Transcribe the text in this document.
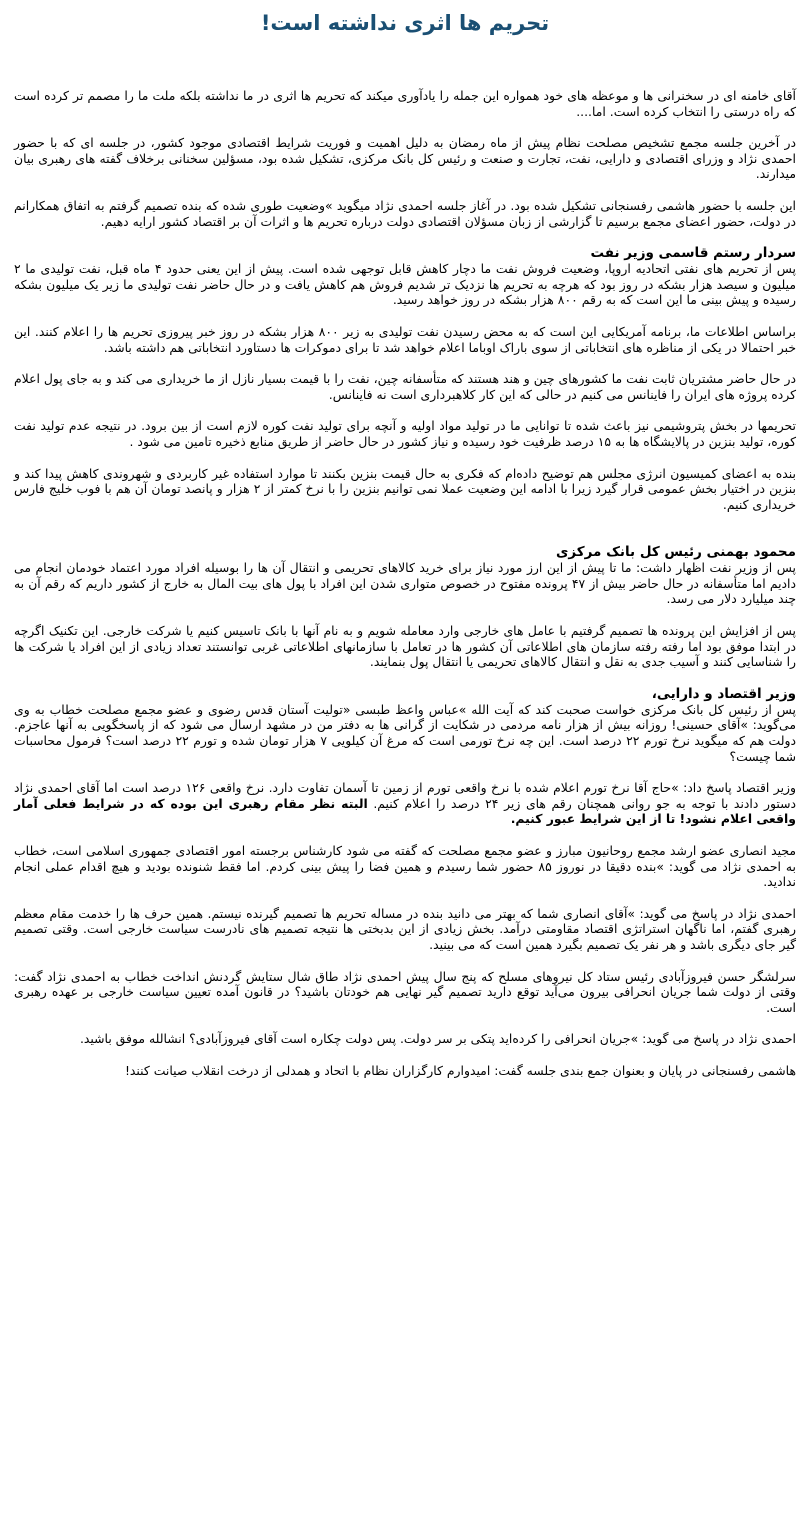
تحریم ها اثری نداشته است!

آقای خامنه ای در سخنرانی ها و موعظه های خود همواره این جمله را یادآوری میکند که تحریم ها اثری در ما نداشته بلکه ملت ما را مصمم تر کرده است که راه درستی را انتخاب کرده است. اما....

در آخرین جلسه مجمع تشخیص مصلحت نظام پیش از ماه رمضان به دلیل اهمیت و فوریت شرایط اقتصادی موجود کشور، در جلسه ای که با حضور احمدی نژاد و وزرای اقتصادی و دارایی، نفت، تجارت و صنعت و رئیس کل بانک مرکزی، تشکیل شده بود، مسؤلین سخنانی برخلاف گفته های رهبری بیان میدارند.

این جلسه با حضور هاشمی رفسنجانی تشکیل شده بود. در آغاز جلسه احمدی نژاد میگوید »وضعیت طوری شده که بنده تصمیم گرفتم به اتفاق همکارانم در دولت، حضور اعضای مجمع برسیم تا گزارشی از زبان مسؤلان اقتصادی دولت درباره تحریم ها و اثرات آن بر اقتصاد کشور ارایه دهیم.

سردار رستم قاسمی وزیر نفت

پس از تحریم های نفتی اتحادیه اروپا، وضعیت فروش نفت ما دچار کاهش قابل توجهی شده است. پیش از این یعنی حدود ۴ ماه قبل، نفت تولیدی ما ۲ میلیون و سیصد هزار بشکه در روز بود که هرچه به تحریم ها نزدیک تر شدیم فروش هم کاهش یافت و در حال حاضر نفت تولیدی ما زیر یک میلیون بشکه رسیده و پیش بینی ما این است که به رقم ۸۰۰ هزار بشکه در روز خواهد رسید.

براساس اطلاعات ما، برنامه آمریکایی این است که به محض رسیدن نفت تولیدی به زیر ۸۰۰ هزار بشکه در روز خبر پیروزی تحریم ها را اعلام کنند. این خبر احتمالا در یکی از مناظره های انتخاباتی از سوی باراک اوباما اعلام خواهد شد تا برای دموکرات ها دستاورد انتخاباتی هم داشته باشد.

در حال حاضر مشتریان ثابت نفت ما کشورهای چین و هند هستند که متأسفانه چین، نفت را با قیمت بسیار نازل از ما خریداری می کند و به جای پول اعلام کرده پروژه های ایران را فاینانس می کنیم در حالی که این کار کلاهبرداری است نه فاینانس.

تحریمها در بخش پتروشیمی نیز باعث شده تا توانایی ما در تولید مواد اولیه و آنچه برای تولید نفت کوره لازم است از بین برود. در نتیجه عدم تولید نفت کوره، تولید بنزین در پالایشگاه ها به ۱۵ درصد ظرفیت خود رسیده و نیاز کشور در حال حاضر از طریق منابع ذخیره تامین می شود .

بنده به اعضای کمیسیون انرژی مجلس هم توضیح داده‌ام که فکری به حال قیمت بنزین بکنند تا موارد استفاده غیر کاربردی و شهروندی کاهش پیدا کند و بنزین در اختیار بخش عمومی قرار گیرد زیرا با ادامه این وضعیت عملا نمی توانیم بنزین را با نرخ کمتر از ۲ هزار و پانصد تومان آن هم با فوب خلیج فارس خریداری کنیم.

محمود بهمنی رئیس کل بانک مرکزی

پس از وزیر نفت اظهار داشت: ما تا پیش از این ارز مورد نیاز برای خرید کالاهای تحریمی و انتقال آن ها را بوسیله افراد مورد اعتماد خودمان انجام می دادیم اما متأسفانه در حال حاضر بیش از ۴۷ پرونده مفتوح در خصوص متواری شدن این افراد با پول های بیت المال به خارج از کشور داریم که رقم آن به چند میلیارد دلار می رسد.

پس از افزایش این پرونده ها تصمیم گرفتیم با عامل های خارجی وارد معامله شویم و به نام آنها با بانک تاسیس کنیم یا شرکت خارجی. این تکنیک اگرچه در ابتدا موفق بود اما رفته رفته سازمان های اطلاعاتی آن کشور ها در تعامل با سازمانهای اطلاعاتی غربی توانستند تعداد زیادی از این افراد یا شرکت ها را شناسایی کنند و آسیب جدی به نقل و انتقال کالاهای تحریمی یا انتقال پول بنمایند.

وزیر اقتصاد و دارایی،

پس از رئیس کل بانک مرکزی خواست صحبت کند که آیت الله »عباس واعظ طبسی «تولیت آستان قدس رضوی و عضو مجمع مصلحت خطاب به وی می‌گوید: »آقای حسینی! روزانه بیش از هزار نامه مردمی در شکایت از گرانی ها به دفتر من در مشهد ارسال می شود که از پاسخگویی به آنها عاجزم. دولت هم که میگوید نرخ تورم ۲۲ درصد است. این چه نرخ تورمی است که مرغ آن کیلویی ۷ هزار تومان شده و تورم ۲۲ درصد است؟ فرمول محاسبات شما چیست؟

وزیر اقتصاد پاسخ داد: »حاج آقا نرخ تورم اعلام شده با نرخ واقعی تورم از زمین تا آسمان تفاوت دارد. نرخ واقعی ۱۲۶ درصد است اما آقای احمدی نژاد دستور دادند با توجه به جو روانی همچنان رقم های زیر ۲۴ درصد را اعلام کنیم. البته نظر مقام رهبری این بوده که در شرایط فعلی آمار واقعی اعلام نشود! تا از این شرایط عبور کنیم.

مجید انصاری عضو ارشد مجمع روحانیون مبارز و عضو مجمع مصلحت که گفته می شود کارشناس برجسته امور اقتصادی جمهوری اسلامی است، خطاب به احمدی نژاد می گوید: »بنده دقیقا در نوروز ۸۵ حضور شما رسیدم و همین فضا را پیش بینی کردم. اما فقط شنونده بودید و هیچ اقدام عملی انجام ندادید.

احمدی نژاد در پاسخ می گوید: »آقای انصاری شما که بهتر می دانید بنده در مساله تحریم ها تصمیم گیرنده نیستم. همین حرف ها را خدمت مقام معظم رهبری گفتم، اما ناگهان استراتژی اقتصاد مقاومتی درآمد. بخش زیادی از این بدبختی ها نتیجه تصمیم های نادرست سیاست خارجی است. وقتی تصمیم گیر جای دیگری باشد و هر نفر یک تصمیم بگیرد همین است که می بینید.

سرلشگر حسن فیروزآبادی رئیس ستاد کل نیروهای مسلح که پنج سال پیش احمدی نژاد طاق شال ستایش گردنش انداخت خطاب به احمدی نژاد گفت: وقتی از دولت شما جریان انحرافی بیرون می‌آید توقع دارید تصمیم گیر نهایی هم خودتان باشید؟ در قانون آمده تعیین سیاست خارجی بر عهده رهبری است.

احمدی نژاد در پاسخ می گوید: »جریان انحرافی را کرده‌اید پتکی بر سر دولت. پس دولت چکاره است آقای فیروزآبادی؟ انشالله موفق باشید.

هاشمی رفسنجانی در پایان و بعنوان جمع بندی جلسه گفت: امیدوارم کارگزاران نظام با اتحاد و همدلی از درخت انقلاب صیانت کنند!
